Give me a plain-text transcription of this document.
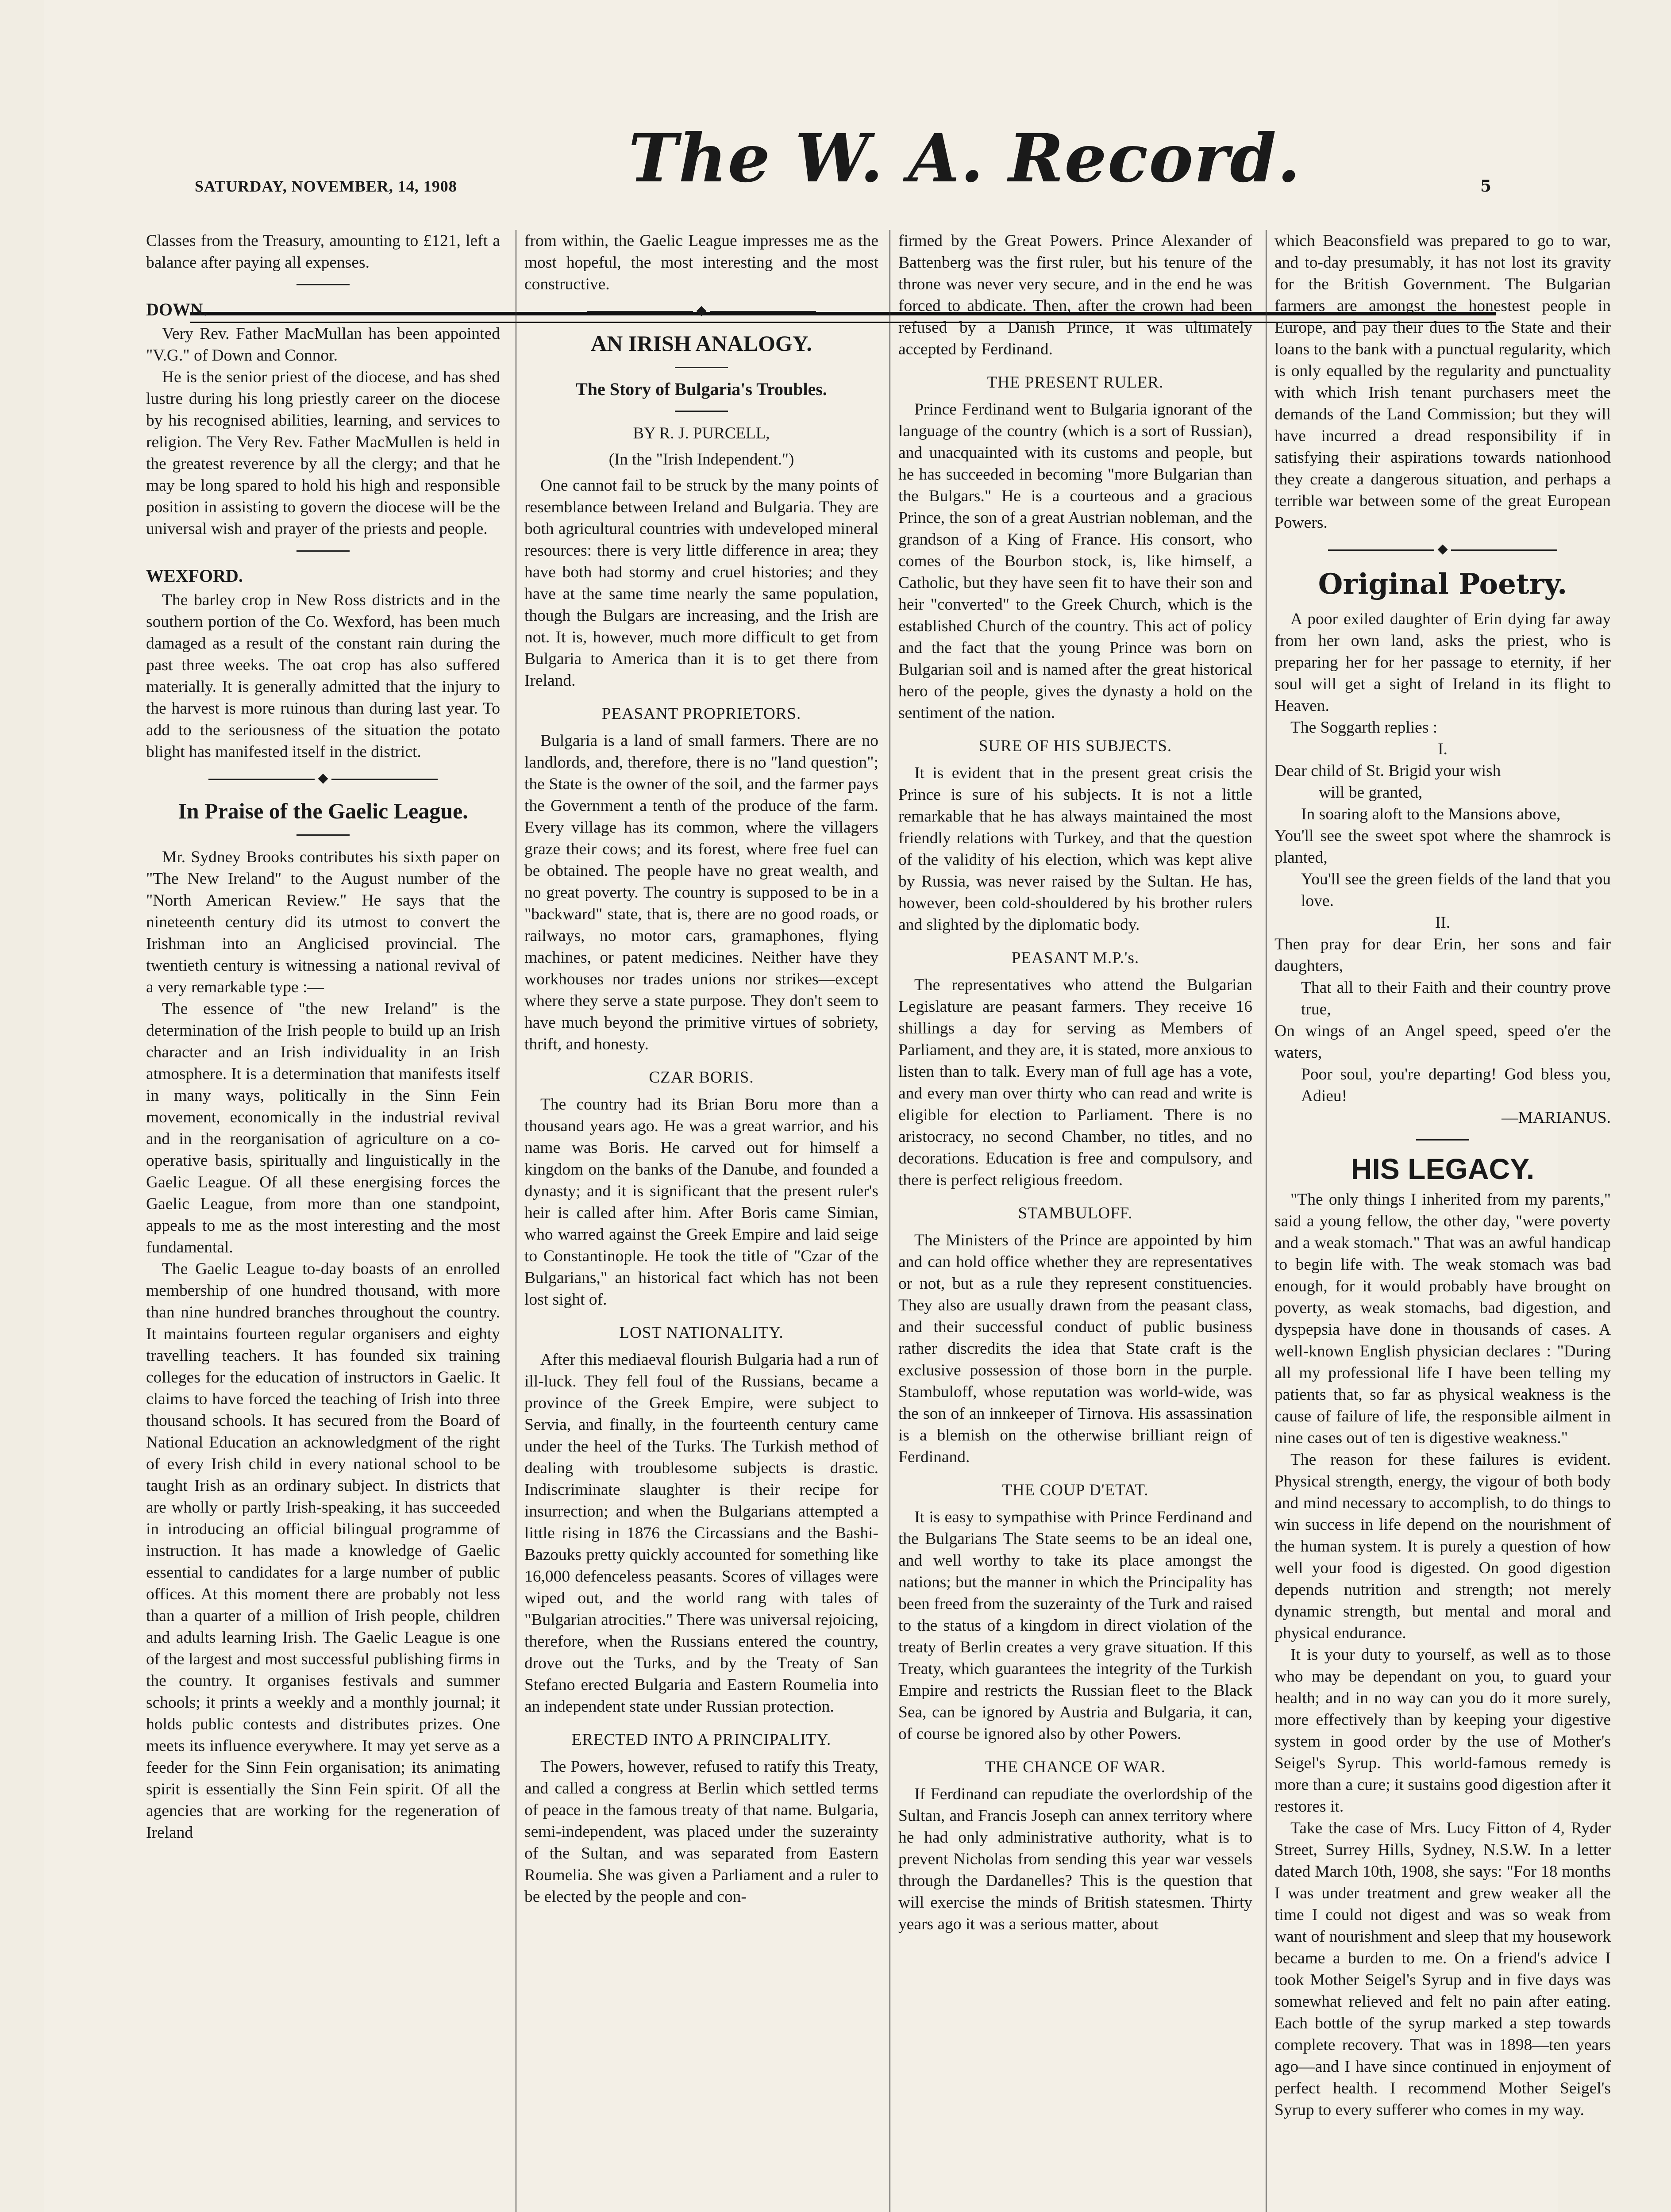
SATURDAY, NOVEMBER, 14, 1908	The W. A. Record.	5

Classes from the Treasury, amounting to £121, left a balance after paying all expenses.

DOWN.

Very Rev. Father MacMullan has been appointed "V.G." of Down and Connor.

He is the senior priest of the diocese, and has shed lustre during his long priestly career on the diocese by his recognised abilities, learning, and services to religion. The Very Rev. Father MacMullen is held in the greatest reverence by all the clergy; and that he may be long spared to hold his high and responsible position in assisting to govern the diocese will be the universal wish and prayer of the priests and people.

WEXFORD.

The barley crop in New Ross districts and in the southern portion of the Co. Wexford, has been much damaged as a result of the constant rain during the past three weeks. The oat crop has also suffered materially. It is generally admitted that the injury to the harvest is more ruinous than during last year. To add to the seriousness of the situation the potato blight has manifested itself in the district.

◆
In Praise of the Gaelic League.

Mr. Sydney Brooks contributes his sixth paper on "The New Ireland" to the August number of the "North American Review." He says that the nineteenth century did its utmost to convert the Irishman into an Anglicised provincial. The twentieth century is witnessing a national revival of a very remarkable type :—

The essence of "the new Ireland" is the determination of the Irish people to build up an Irish character and an Irish individuality in an Irish atmosphere. It is a determination that manifests itself in many ways, politically in the Sinn Fein movement, economically in the industrial revival and in the reorganisation of agriculture on a co-operative basis, spiritually and linguistically in the Gaelic League. Of all these energising forces the Gaelic League, from more than one standpoint, appeals to me as the most interesting and the most fundamental.

The Gaelic League to-day boasts of an enrolled membership of one hundred thousand, with more than nine hundred branches throughout the country. It maintains fourteen regular organisers and eighty travelling teachers. It has founded six training colleges for the education of instructors in Gaelic. It claims to have forced the teaching of Irish into three thousand schools. It has secured from the Board of National Education an acknowledgment of the right of every Irish child in every national school to be taught Irish as an ordinary subject. In districts that are wholly or partly Irish-speaking, it has succeeded in introducing an official bilingual programme of instruction. It has made a knowledge of Gaelic essential to candidates for a large number of public offices. At this moment there are probably not less than a quarter of a million of Irish people, children and adults learning Irish. The Gaelic League is one of the largest and most successful publishing firms in the country. It organises festivals and summer schools; it prints a weekly and a monthly journal; it holds public contests and distributes prizes. One meets its influence everywhere. It may yet serve as a feeder for the Sinn Fein organisation; its animating spirit is essentially the Sinn Fein spirit. Of all the agencies that are working for the regeneration of Ireland

from within, the Gaelic League impresses me as the most hopeful, the most interesting and the most constructive.

◆
AN IRISH ANALOGY.
The Story of Bulgaria's Troubles.
BY R. J. PURCELL,
(In the "Irish Independent.")

One cannot fail to be struck by the many points of resemblance between Ireland and Bulgaria. They are both agricultural countries with undeveloped mineral resources: there is very little difference in area; they have both had stormy and cruel histories; and they have at the same time nearly the same population, though the Bulgars are increasing, and the Irish are not. It is, however, much more difficult to get from Bulgaria to America than it is to get there from Ireland.

PEASANT PROPRIETORS.

Bulgaria is a land of small farmers. There are no landlords, and, therefore, there is no "land question"; the State is the owner of the soil, and the farmer pays the Government a tenth of the produce of the farm. Every village has its common, where the villagers graze their cows; and its forest, where free fuel can be obtained. The people have no great wealth, and no great poverty. The country is supposed to be in a "backward" state, that is, there are no good roads, or railways, no motor cars, gramaphones, flying machines, or patent medicines. Neither have they workhouses nor trades unions nor strikes—except where they serve a state purpose. They don't seem to have much beyond the primitive virtues of sobriety, thrift, and honesty.

CZAR BORIS.

The country had its Brian Boru more than a thousand years ago. He was a great warrior, and his name was Boris. He carved out for himself a kingdom on the banks of the Danube, and founded a dynasty; and it is significant that the present ruler's heir is called after him. After Boris came Simian, who warred against the Greek Empire and laid seige to Constantinople. He took the title of "Czar of the Bulgarians," an historical fact which has not been lost sight of.

LOST NATIONALITY.

After this mediaeval flourish Bulgaria had a run of ill-luck. They fell foul of the Russians, became a province of the Greek Empire, were subject to Servia, and finally, in the fourteenth century came under the heel of the Turks. The Turkish method of dealing with troublesome subjects is drastic. Indiscriminate slaughter is their recipe for insurrection; and when the Bulgarians attempted a little rising in 1876 the Circassians and the Bashi-Bazouks pretty quickly accounted for something like 16,000 defenceless peasants. Scores of villages were wiped out, and the world rang with tales of "Bulgarian atrocities." There was universal rejoicing, therefore, when the Russians entered the country, drove out the Turks, and by the Treaty of San Stefano erected Bulgaria and Eastern Roumelia into an independent state under Russian protection.

ERECTED INTO A PRINCIPALITY.

The Powers, however, refused to ratify this Treaty, and called a congress at Berlin which settled terms of peace in the famous treaty of that name. Bulgaria, semi-independent, was placed under the suzerainty of the Sultan, and was separated from Eastern Roumelia. She was given a Parliament and a ruler to be elected by the people and con-

firmed by the Great Powers. Prince Alexander of Battenberg was the first ruler, but his tenure of the throne was never very secure, and in the end he was forced to abdicate. Then, after the crown had been refused by a Danish Prince, it was ultimately accepted by Ferdinand.

THE PRESENT RULER.

Prince Ferdinand went to Bulgaria ignorant of the language of the country (which is a sort of Russian), and unacquainted with its customs and people, but he has succeeded in becoming "more Bulgarian than the Bulgars." He is a courteous and a gracious Prince, the son of a great Austrian nobleman, and the grandson of a King of France. His consort, who comes of the Bourbon stock, is, like himself, a Catholic, but they have seen fit to have their son and heir "converted" to the Greek Church, which is the established Church of the country. This act of policy and the fact that the young Prince was born on Bulgarian soil and is named after the great historical hero of the people, gives the dynasty a hold on the sentiment of the nation.

SURE OF HIS SUBJECTS.

It is evident that in the present great crisis the Prince is sure of his subjects. It is not a little remarkable that he has always maintained the most friendly relations with Turkey, and that the question of the validity of his election, which was kept alive by Russia, was never raised by the Sultan. He has, however, been cold-shouldered by his brother rulers and slighted by the diplomatic body.

PEASANT M.P.'s.

The representatives who attend the Bulgarian Legislature are peasant farmers. They receive 16 shillings a day for serving as Members of Parliament, and they are, it is stated, more anxious to listen than to talk. Every man of full age has a vote, and every man over thirty who can read and write is eligible for election to Parliament. There is no aristocracy, no second Chamber, no titles, and no decorations. Education is free and compulsory, and there is perfect religious freedom.

STAMBULOFF.

The Ministers of the Prince are appointed by him and can hold office whether they are representatives or not, but as a rule they represent constituencies. They also are usually drawn from the peasant class, and their successful conduct of public business rather discredits the idea that State craft is the exclusive possession of those born in the purple. Stambuloff, whose reputation was world-wide, was the son of an innkeeper of Tirnova. His assassination is a blemish on the otherwise brilliant reign of Ferdinand.

THE COUP D'ETAT.

It is easy to sympathise with Prince Ferdinand and the Bulgarians The State seems to be an ideal one, and well worthy to take its place amongst the nations; but the manner in which the Principality has been freed from the suzerainty of the Turk and raised to the status of a kingdom in direct violation of the treaty of Berlin creates a very grave situation. If this Treaty, which guarantees the integrity of the Turkish Empire and restricts the Russian fleet to the Black Sea, can be ignored by Austria and Bulgaria, it can, of course be ignored also by other Powers.

THE CHANCE OF WAR.

If Ferdinand can repudiate the overlordship of the Sultan, and Francis Joseph can annex territory where he had only administrative authority, what is to prevent Nicholas from sending this year war vessels through the Dardanelles? This is the question that will exercise the minds of British statesmen. Thirty years ago it was a serious matter, about

which Beaconsfield was prepared to go to war, and to-day presumably, it has not lost its gravity for the British Government. The Bulgarian farmers are amongst the honestest people in Europe, and pay their dues to the State and their loans to the bank with a punctual regularity, which is only equalled by the regularity and punctuality with which Irish tenant purchasers meet the demands of the Land Commission; but they will have incurred a dread responsibility if in satisfying their aspirations towards nationhood they create a dangerous situation, and perhaps a terrible war between some of the great European Powers.

◆
Original Poetry.

A poor exiled daughter of Erin dying far away from her own land, asks the priest, who is preparing her for her passage to eternity, if her soul will get a sight of Ireland in its flight to Heaven.

The Soggarth replies :

I.

Dear child of St. Brigid your wish

will be granted,

In soaring aloft to the Mansions above,

You'll see the sweet spot where the shamrock is planted,

You'll see the green fields of the land that you love.

II.

Then pray for dear Erin, her sons and fair daughters,

That all to their Faith and their country prove true,

On wings of an Angel speed, speed o'er the waters,

Poor soul, you're departing! God bless you, Adieu!

—MARIANUS.

HIS LEGACY.

"The only things I inherited from my parents," said a young fellow, the other day, "were poverty and a weak stomach." That was an awful handicap to begin life with. The weak stomach was bad enough, for it would probably have brought on poverty, as weak stomachs, bad digestion, and dyspepsia have done in thousands of cases. A well-known English physician declares : "During all my professional life I have been telling my patients that, so far as physical weakness is the cause of failure of life, the responsible ailment in nine cases out of ten is digestive weakness."

The reason for these failures is evident. Physical strength, energy, the vigour of both body and mind necessary to accomplish, to do things to win success in life depend on the nourishment of the human system. It is purely a question of how well your food is digested. On good digestion depends nutrition and strength; not merely dynamic strength, but mental and moral and physical endurance.

It is your duty to yourself, as well as to those who may be dependant on you, to guard your health; and in no way can you do it more surely, more effectively than by keeping your digestive system in good order by the use of Mother's Seigel's Syrup. This world-famous remedy is more than a cure; it sustains good digestion after it restores it.

Take the case of Mrs. Lucy Fitton of 4, Ryder Street, Surrey Hills, Sydney, N.S.W. In a letter dated March 10th, 1908, she says: "For 18 months I was under treatment and grew weaker all the time I could not digest and was so weak from want of nourishment and sleep that my housework became a burden to me. On a friend's advice I took Mother Seigel's Syrup and in five days was somewhat relieved and felt no pain after eating. Each bottle of the syrup marked a step towards complete recovery. That was in 1898—ten years ago—and I have since continued in enjoyment of perfect health. I recommend Mother Seigel's Syrup to every sufferer who comes in my way.
